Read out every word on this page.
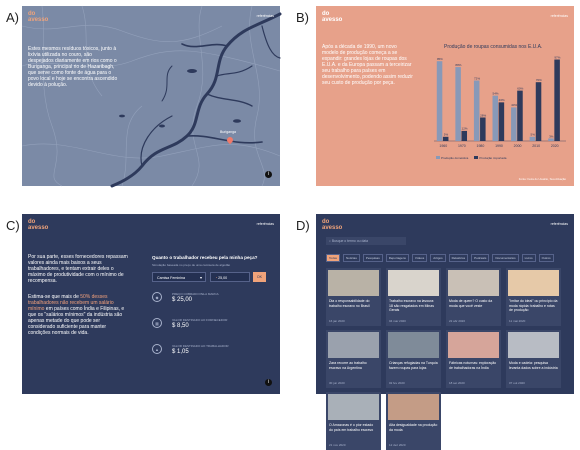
A)	B)
C)	D)
do
avesso
referências
Estes mesmos resíduos tóxicos, junto à lixívia utilizada no couro, são despejados diariamente em rios como o Buriganga, principal rio de Hazaribagh, que serve como fonte de água para o povo local e hoje se encontra ascendido devido à polução.
Buriganga
i
do
avesso
referências
Após a década de 1990, um novo modelo de produção começa a se expandir: grandes lojas de roupas dos E.U.A. e da Europa passam a terceirizar seu trabalho para países em desenvolvimento, podendo assim reduzir seu custo de produção por peça.
Produção de roupas consumidas nos E.U.A.
95%
5%
1960
88%
12%
1970
72%
28%
1980
54%
46%
1990
40%
60%
2000
5%
70%
2010
3%
97%
2020
Produção doméstica	Produção importada
Fonte: Feira do Usuário, Sua Ativação
do
avesso
referências
Por sua parte, esses fornecedores repassam valores ainda mais baixos a seus trabalhadores, e tentam extrair deles o máximo de produtividade com o mínimo de recompensa.
Estima-se que mais de 50% desses trabalhadores não recebem um salário mínimo em países como Índia e Filipinas, e que os "salários mínimos" da indústria são apenas metade do que pode ser considerado suficiente para manter condições normais de vida.
Quanto o trabalhador recebeu pela minha peça?
Simulação baseada no preço de uma camiseta de algodão
Camisa Feminina	▾	◔ 25,00	OK
◆
PREÇO COBRADO PELA MARCA
$ 25,00
▦
VALOR DESTINADO AO FORNECEDOR
$ 8,50
▲
VALOR DESTINADO AO TRABALHADOR
$ 1,05
i
do
avesso
referências
⌕ Busque o termo ou data
Todas	Notícias	Pesquisas	Reportagens	Vídeos	Artigos	Relatórios	Podcasts	Documentários	Livros	Outros
Dia o responsabilidade do trabalho escravo no Brasil
16 jan 2020
Trabalho escravo na lavoura: 18 são resgatados em Minas Gerais
04 mar 2020
Moda de quem? O custo da moda que você veste
22 abr 2020
"Imitar do ideal" ou princípio da moda rápida: trabalho e rotas de produção
11 mai 2020
Zara recorre ao trabalho escravo na Argentina
30 jun 2020
Crianças refugiadas na Turquia fazem roupas para lojas
02 fev 2020
Fábricas noturnas: exploração de trabalhadoras na Índia
18 set 2020
Moda e cadeia: pesquisa levanta dados sobre a indústria
07 out 2020
O Amazonas é o pior estado do país em trabalho escravo
21 nov 2020
Alta desigualdade na produção da moda
12 dez 2020
